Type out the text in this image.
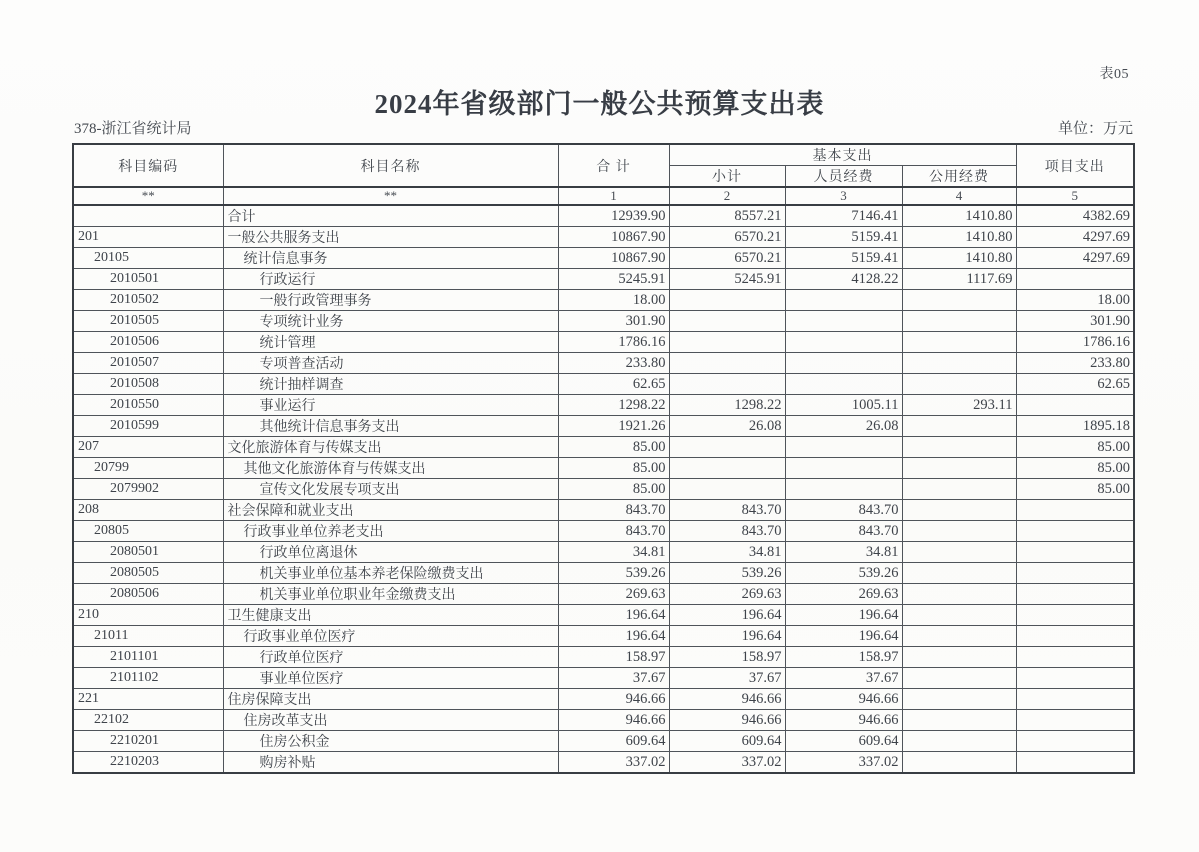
表05
2024年省级部门一般公共预算支出表
378-浙江省统计局	单位：万元
科目编码	科目名称	合 计	基本支出			项目支出
			小计	人员经费	公用经费	
**	**	1	2	3	4	5
	合计	12939.90	8557.21	7146.41	1410.80	4382.69
201	一般公共服务支出	10867.90	6570.21	5159.41	1410.80	4297.69
20105	统计信息事务	10867.90	6570.21	5159.41	1410.80	4297.69
2010501	行政运行	5245.91	5245.91	4128.22	1117.69	
2010502	一般行政管理事务	18.00				18.00
2010505	专项统计业务	301.90				301.90
2010506	统计管理	1786.16				1786.16
2010507	专项普查活动	233.80				233.80
2010508	统计抽样调查	62.65				62.65
2010550	事业运行	1298.22	1298.22	1005.11	293.11	
2010599	其他统计信息事务支出	1921.26	26.08	26.08		1895.18
207	文化旅游体育与传媒支出	85.00				85.00
20799	其他文化旅游体育与传媒支出	85.00				85.00
2079902	宣传文化发展专项支出	85.00				85.00
208	社会保障和就业支出	843.70	843.70	843.70		
20805	行政事业单位养老支出	843.70	843.70	843.70		
2080501	行政单位离退休	34.81	34.81	34.81		
2080505	机关事业单位基本养老保险缴费支出	539.26	539.26	539.26		
2080506	机关事业单位职业年金缴费支出	269.63	269.63	269.63		
210	卫生健康支出	196.64	196.64	196.64		
21011	行政事业单位医疗	196.64	196.64	196.64		
2101101	行政单位医疗	158.97	158.97	158.97		
2101102	事业单位医疗	37.67	37.67	37.67		
221	住房保障支出	946.66	946.66	946.66		
22102	住房改革支出	946.66	946.66	946.66		
2210201	住房公积金	609.64	609.64	609.64		
2210203	购房补贴	337.02	337.02	337.02		
